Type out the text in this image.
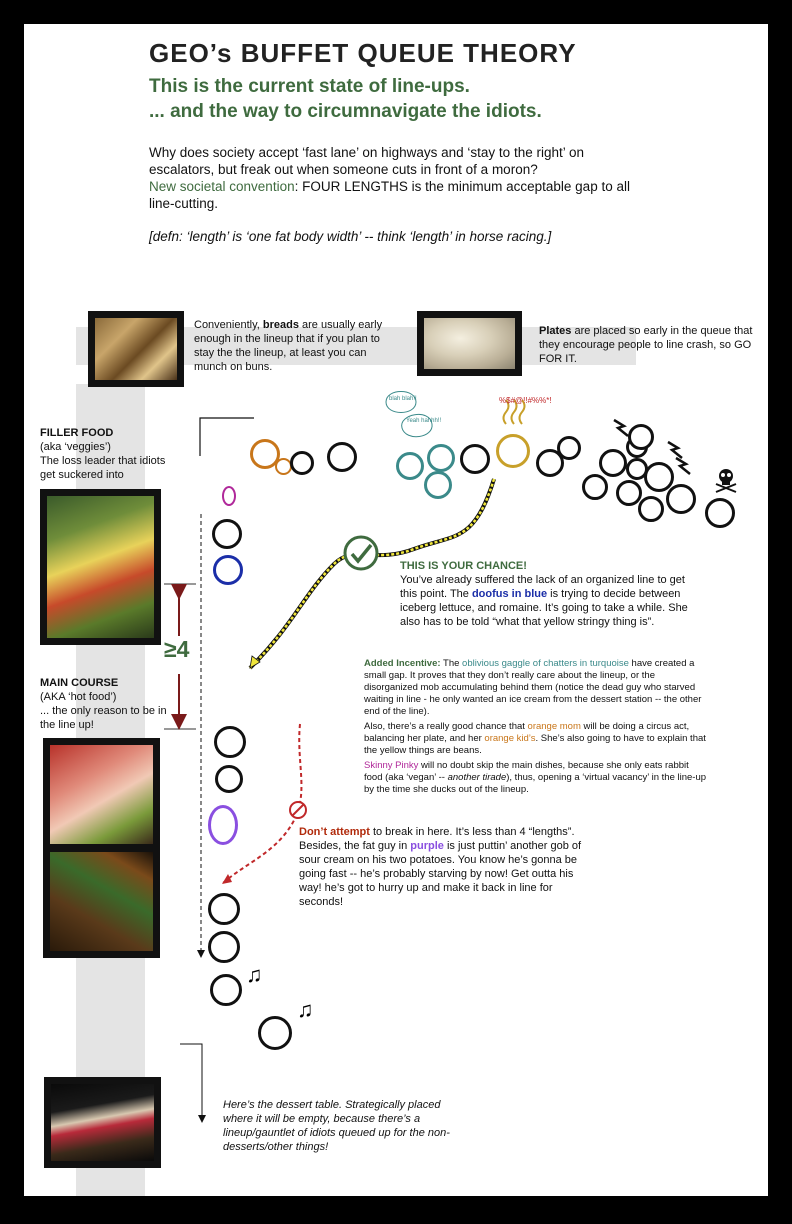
GEO’s BUFFET QUEUE THEORY
This is the current state of line-ups.
... and the way to circumnavigate the idiots.
Why does society accept ‘fast lane’ on highways and ‘stay to the right’ on escalators, but freak out when someone cuts in front of a moron?
New societal convention: FOUR LENGTHS is the minimum acceptable gap to all line-cutting.
[defn: ‘length’ is ‘one fat body width’ -- think ‘length’ in horse racing.]
Conveniently, breads are usually early enough in the lineup that if you plan to stay the the lineup, at least you can munch on buns.
Plates are placed so early in the queue that they encourage people to line crash, so GO FOR IT.
FILLER FOOD
(aka ‘veggies’)
The loss leader that idiots get suckered into
MAIN COURSE
(AKA ‘hot food’)
... the only reason to be in the line up!
Here’s the dessert table. Strategically placed where it will be empty, because there’s a lineup/gauntlet of idiots queued up for the non-desserts/other things!
≥4
blah blah!!
Yeah hahhh!!
%$#@!!#%%*!
♫
♫
THIS IS YOUR CHANCE!
You’ve already suffered the lack of an organized line to get this point. The doofus in blue is trying to decide between iceberg lettuce, and romaine. It’s going to take a while. She also has to be told “what that yellow stringy thing is”.
Added Incentive: The oblivious gaggle of chatters in turquoise have created a small gap. It proves that they don’t really care about the lineup, or the disorganized mob accumulating behind them (notice the dead guy who starved waiting in line - he only wanted an ice cream from the dessert station -- the other end of the line).
Also, there’s a really good chance that orange mom will be doing a circus act, balancing her plate, and her orange kid’s. She’s also going to have to explain that the yellow things are beans.
Skinny Pinky will no doubt skip the main dishes, because she only eats rabbit food (aka ‘vegan’ -- another tirade), thus, opening a ‘virtual vacancy’ in the line-up by the time she ducks out of the lineup.
Don’t attempt to break in here. It’s less than 4 “lengths”. Besides, the fat guy in purple is just puttin’ another gob of sour cream on his two potatoes. You know he’s gonna be going fast -- he’s probably starving by now! Get outta his way! he’s got to hurry up and make it back in line for seconds!
